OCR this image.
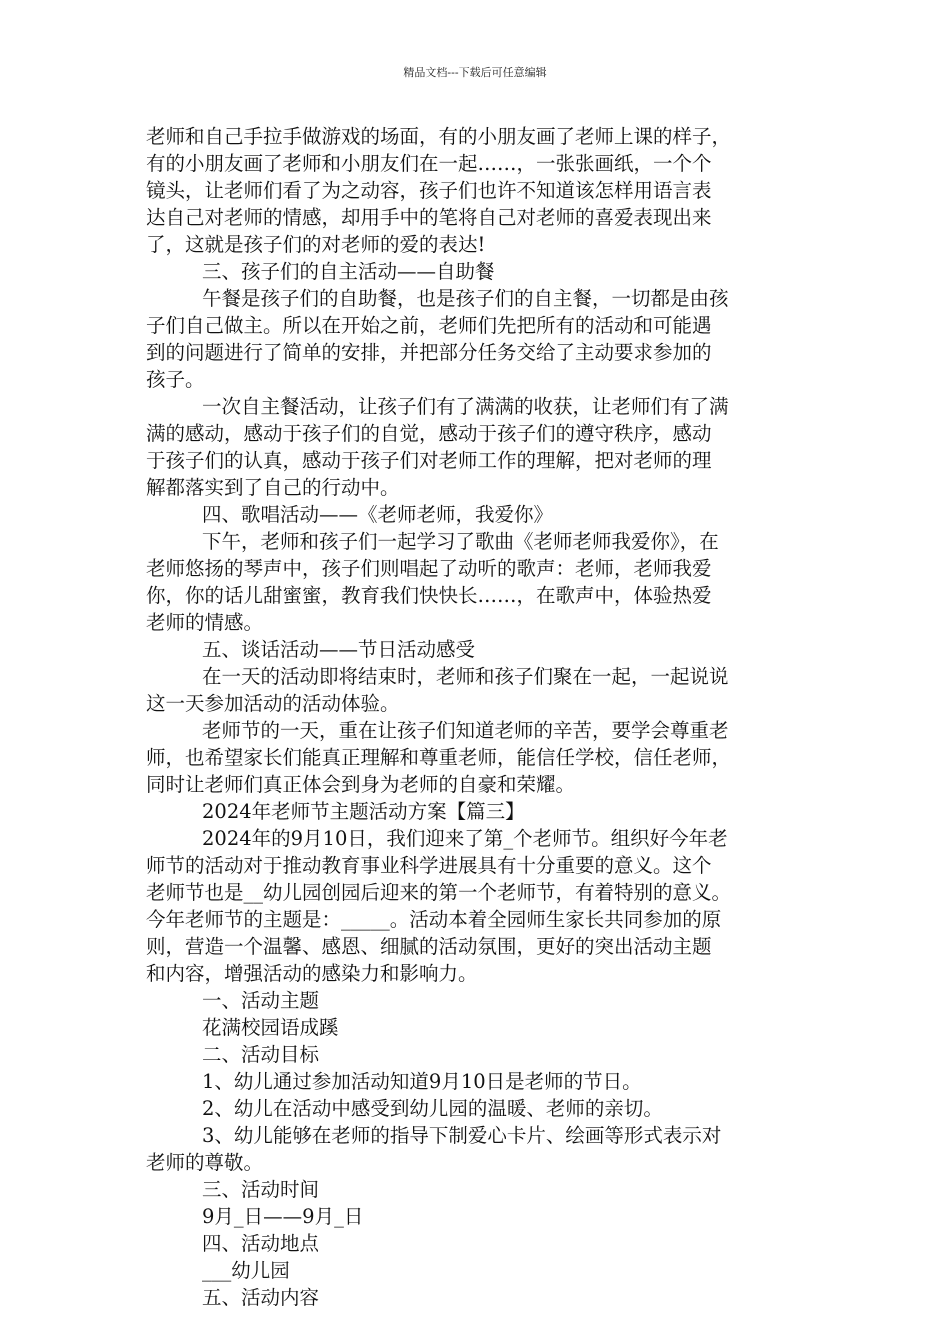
精品文档---下载后可任意编辑
老师和自己手拉手做游戏的场面，有的小朋友画了老师上课的样子，
有的小朋友画了老师和小朋友们在一起……，一张张画纸，一个个
镜头，让老师们看了为之动容，孩子们也许不知道该怎样用语言表
达自己对老师的情感，却用手中的笔将自己对老师的喜爱表现出来
了，这就是孩子们的对老师的爱的表达!
三、孩子们的自主活动——自助餐
午餐是孩子们的自助餐，也是孩子们的自主餐，一切都是由孩
子们自己做主。所以在开始之前，老师们先把所有的活动和可能遇
到的问题进行了简单的安排，并把部分任务交给了主动要求参加的
孩子。
一次自主餐活动，让孩子们有了满满的收获，让老师们有了满
满的感动，感动于孩子们的自觉，感动于孩子们的遵守秩序，感动
于孩子们的认真，感动于孩子们对老师工作的理解，把对老师的理
解都落实到了自己的行动中。
四、歌唱活动——《老师老师，我爱你》
下午，老师和孩子们一起学习了歌曲《老师老师我爱你》，在
老师悠扬的琴声中，孩子们则唱起了动听的歌声：老师，老师我爱
你，你的话儿甜蜜蜜，教育我们快快长……，在歌声中，体验热爱
老师的情感。
五、谈话活动——节日活动感受
在一天的活动即将结束时，老师和孩子们聚在一起，一起说说
这一天参加活动的活动体验。
老师节的一天，重在让孩子们知道老师的辛苦，要学会尊重老
师，也希望家长们能真正理解和尊重老师，能信任学校，信任老师，
同时让老师们真正体会到身为老师的自豪和荣耀。
2024年老师节主题活动方案【篇三】
2024年的9月10日，我们迎来了第_个老师节。组织好今年老
师节的活动对于推动教育事业科学进展具有十分重要的意义。这个
老师节也是__幼儿园创园后迎来的第一个老师节，有着特别的意义。
今年老师节的主题是：_____。活动本着全园师生家长共同参加的原
则，营造一个温馨、感恩、细腻的活动氛围，更好的突出活动主题
和内容，增强活动的感染力和影响力。
一、活动主题
花满校园语成蹊
二、活动目标
1、幼儿通过参加活动知道9月10日是老师的节日。
2、幼儿在活动中感受到幼儿园的温暖、老师的亲切。
3、幼儿能够在老师的指导下制爱心卡片、绘画等形式表示对
老师的尊敬。
三、活动时间
9月_日——9月_日
四、活动地点
___幼儿园
五、活动内容
